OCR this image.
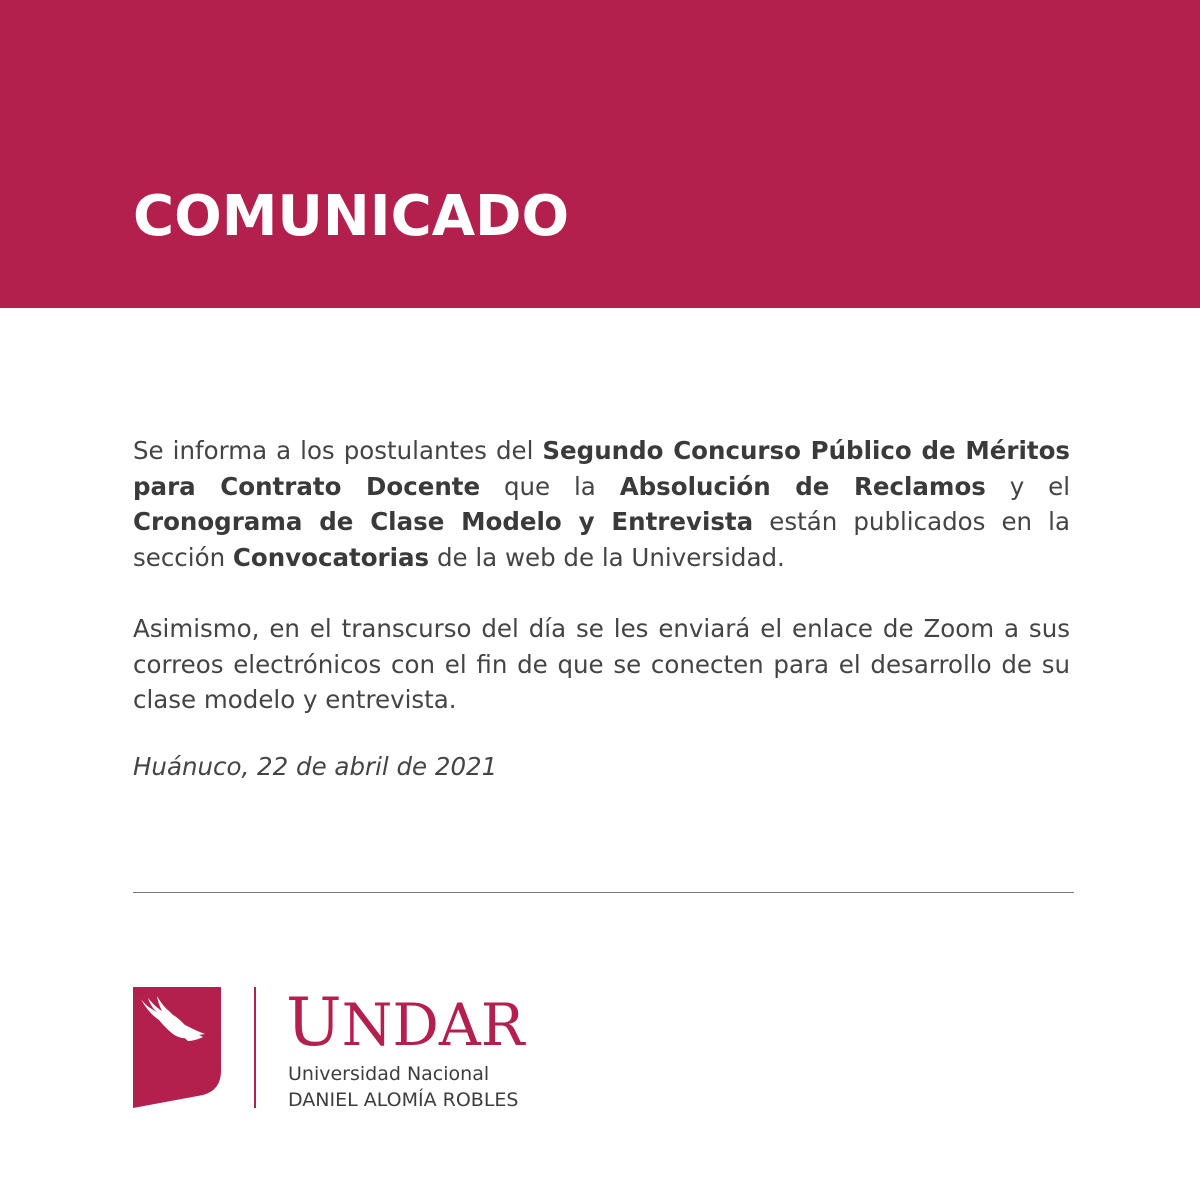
COMUNICADO

Se informa a los postulantes del Segundo Concurso Público de Méritos para Contrato Docente que la Absolución de Reclamos y el Cronograma de Clase Modelo y Entrevista están publicados en la sección Convocatorias de la web de la Universidad.

Asimismo, en el transcurso del día se les enviará el enlace de Zoom a sus correos electrónicos con el fin de que se conecten para el desarrollo de su clase modelo y entrevista.

Huánuco, 22 de abril de 2021

UNDAR
Universidad Nacional
DANIEL ALOMÍA ROBLES
